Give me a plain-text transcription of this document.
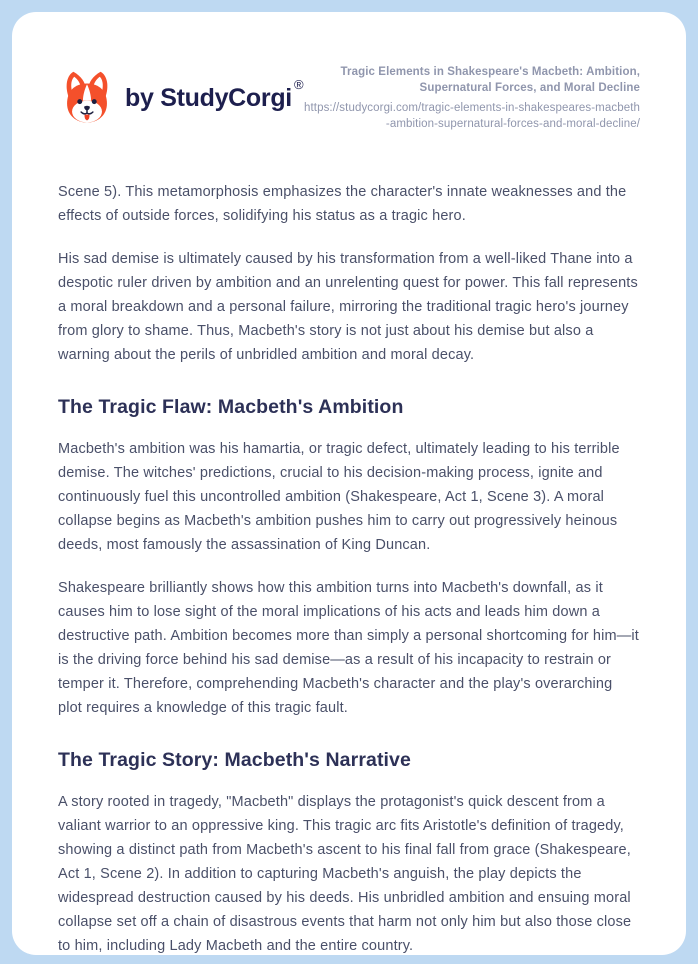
by StudyCorgi ®
Tragic Elements in Shakespeare's Macbeth: Ambition, Supernatural Forces, and Moral Decline
https://studycorgi.com/tragic-elements-in-shakespeares-macbeth-ambition-supernatural-forces-and-moral-decline/

Scene 5). This metamorphosis emphasizes the character's innate weaknesses and the effects of outside forces, solidifying his status as a tragic hero.

His sad demise is ultimately caused by his transformation from a well-liked Thane into a despotic ruler driven by ambition and an unrelenting quest for power. This fall represents a moral breakdown and a personal failure, mirroring the traditional tragic hero's journey from glory to shame. Thus, Macbeth's story is not just about his demise but also a warning about the perils of unbridled ambition and moral decay.

The Tragic Flaw: Macbeth's Ambition

Macbeth's ambition was his hamartia, or tragic defect, ultimately leading to his terrible demise. The witches' predictions, crucial to his decision-making process, ignite and continuously fuel this uncontrolled ambition (Shakespeare, Act 1, Scene 3). A moral collapse begins as Macbeth's ambition pushes him to carry out progressively heinous deeds, most famously the assassination of King Duncan.

Shakespeare brilliantly shows how this ambition turns into Macbeth's downfall, as it causes him to lose sight of the moral implications of his acts and leads him down a destructive path. Ambition becomes more than simply a personal shortcoming for him—it is the driving force behind his sad demise—as a result of his incapacity to restrain or temper it. Therefore, comprehending Macbeth's character and the play's overarching plot requires a knowledge of this tragic fault.

The Tragic Story: Macbeth's Narrative

A story rooted in tragedy, "Macbeth" displays the protagonist's quick descent from a valiant warrior to an oppressive king. This tragic arc fits Aristotle's definition of tragedy, showing a distinct path from Macbeth's ascent to his final fall from grace (Shakespeare, Act 1, Scene 2). In addition to capturing Macbeth's anguish, the play depicts the widespread destruction caused by his deeds. His unbridled ambition and ensuing moral collapse set off a chain of disastrous events that harm not only him but also those close to him, including Lady Macbeth and the entire country.
